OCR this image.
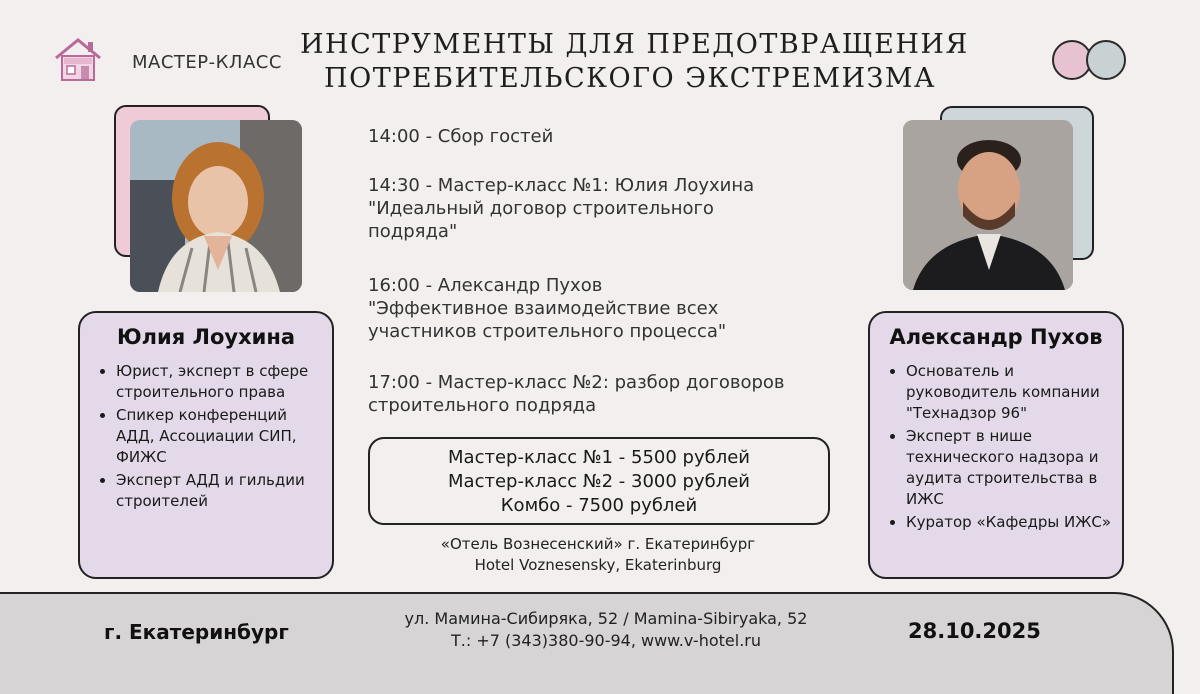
МАСТЕР-КЛАСС
ИНСТРУМЕНТЫ ДЛЯ ПРЕДОТВРАЩЕНИЯ
ПОТРЕБИТЕЛЬСКОГО ЭКСТРЕМИЗМА
Юлия Лоухина
• Юрист, эксперт в сфере строительного права
• Спикер конференций АДД, Ассоциации СИП, ФИЖС
• Эксперт АДД и гильдии строителей
Александр Пухов
• Основатель и руководитель компании "Технадзор 96"
• Эксперт в нише технического надзора и аудита строительства в ИЖС
• Куратор «Кафедры ИЖС»
14:00 - Сбор гостей
14:30 - Мастер-класс №1: Юлия Лоухина
"Идеальный договор строительного
подряда"
16:00 - Александр Пухов
"Эффективное взаимодействие всех
участников строительного процесса"
17:00 - Мастер-класс №2: разбор договоров
строительного подряда
Мастер-класс №1 - 5500 рублей
Мастер-класс №2 - 3000 рублей
Комбо - 7500 рублей
«Отель Вознесенский» г. Екатеринбург
Hotel Voznesensky, Ekaterinburg
г. Екатеринбург
ул. Мамина-Сибиряка, 52 / Mamina-Sibiryaka, 52
Т.: +7 (343)380-90-94, www.v-hotel.ru	28.10.2025
